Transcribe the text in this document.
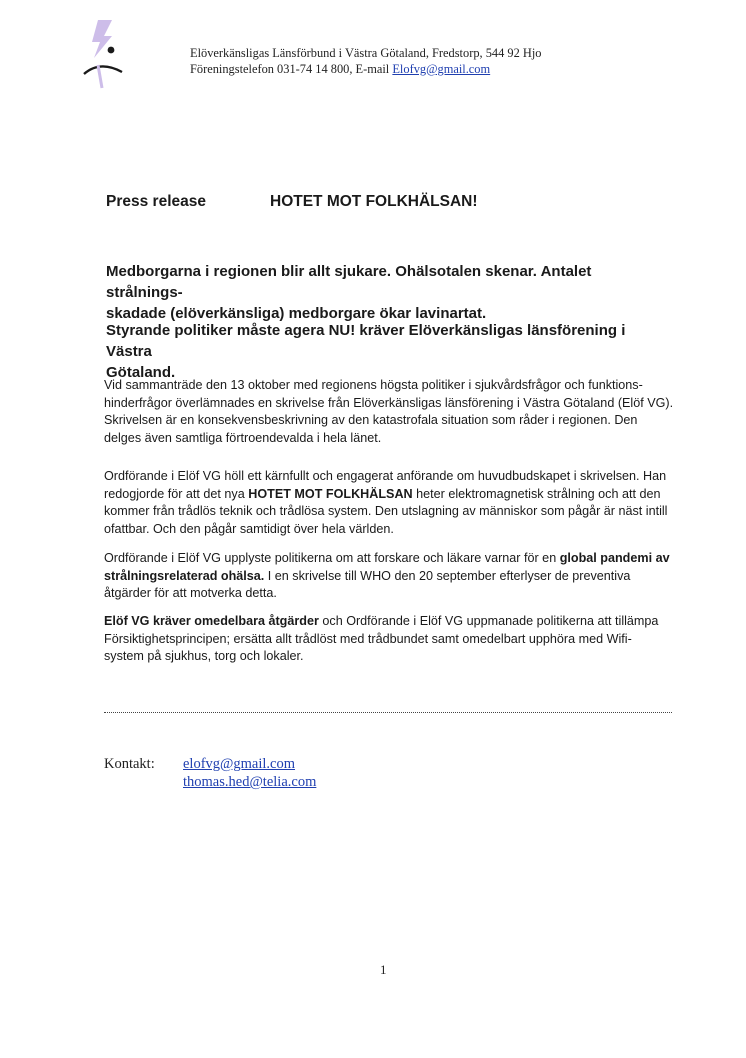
Elöverkänsligas Länsförbund i Västra Götaland, Fredstorp, 544 92 Hjo
Föreningstelefon 031-74 14 800, E-mail Elofvg@gmail.com
Press release	HOTET MOT FOLKHÄLSAN!
Medborgarna i regionen blir allt sjukare. Ohälsotalen skenar. Antalet strålnings-
skadade (elöverkänsliga) medborgare ökar lavinartat.
Styrande politiker måste agera NU! kräver Elöverkänsligas länsförening i Västra
Götaland.
Vid sammanträde den 13 oktober med regionens högsta politiker i sjukvårdsfrågor och funktions-
hinderfrågor överlämnades en skrivelse från Elöverkänsligas länsförening i Västra Götaland (Elöf VG).
Skrivelsen är en konsekvensbeskrivning av den katastrofala situation som råder i regionen. Den
delges även samtliga förtroendevalda i hela länet.
Ordförande i Elöf VG höll ett kärnfullt och engagerat anförande om huvudbudskapet i skrivelsen. Han
redogjorde för att det nya HOTET MOT FOLKHÄLSAN heter elektromagnetisk strålning och att den
kommer från trådlös teknik och trådlösa system. Den utslagning av människor som pågår är näst intill
ofattbar. Och den pågår samtidigt över hela världen.
Ordförande i Elöf VG upplyste politikerna om att forskare och läkare varnar för en global pandemi av
strålningsrelaterad ohälsa. I en skrivelse till WHO den 20 september efterlyser de preventiva
åtgärder för att motverka detta.
Elöf VG kräver omedelbara åtgärder och Ordförande i Elöf VG uppmanade politikerna att tillämpa
Försiktighetsprincipen; ersätta allt trådlöst med trådbundet samt omedelbart upphöra med Wifi-
system på sjukhus, torg och lokaler.
Kontakt: elofvg@gmail.com
thomas.hed@telia.com
1
